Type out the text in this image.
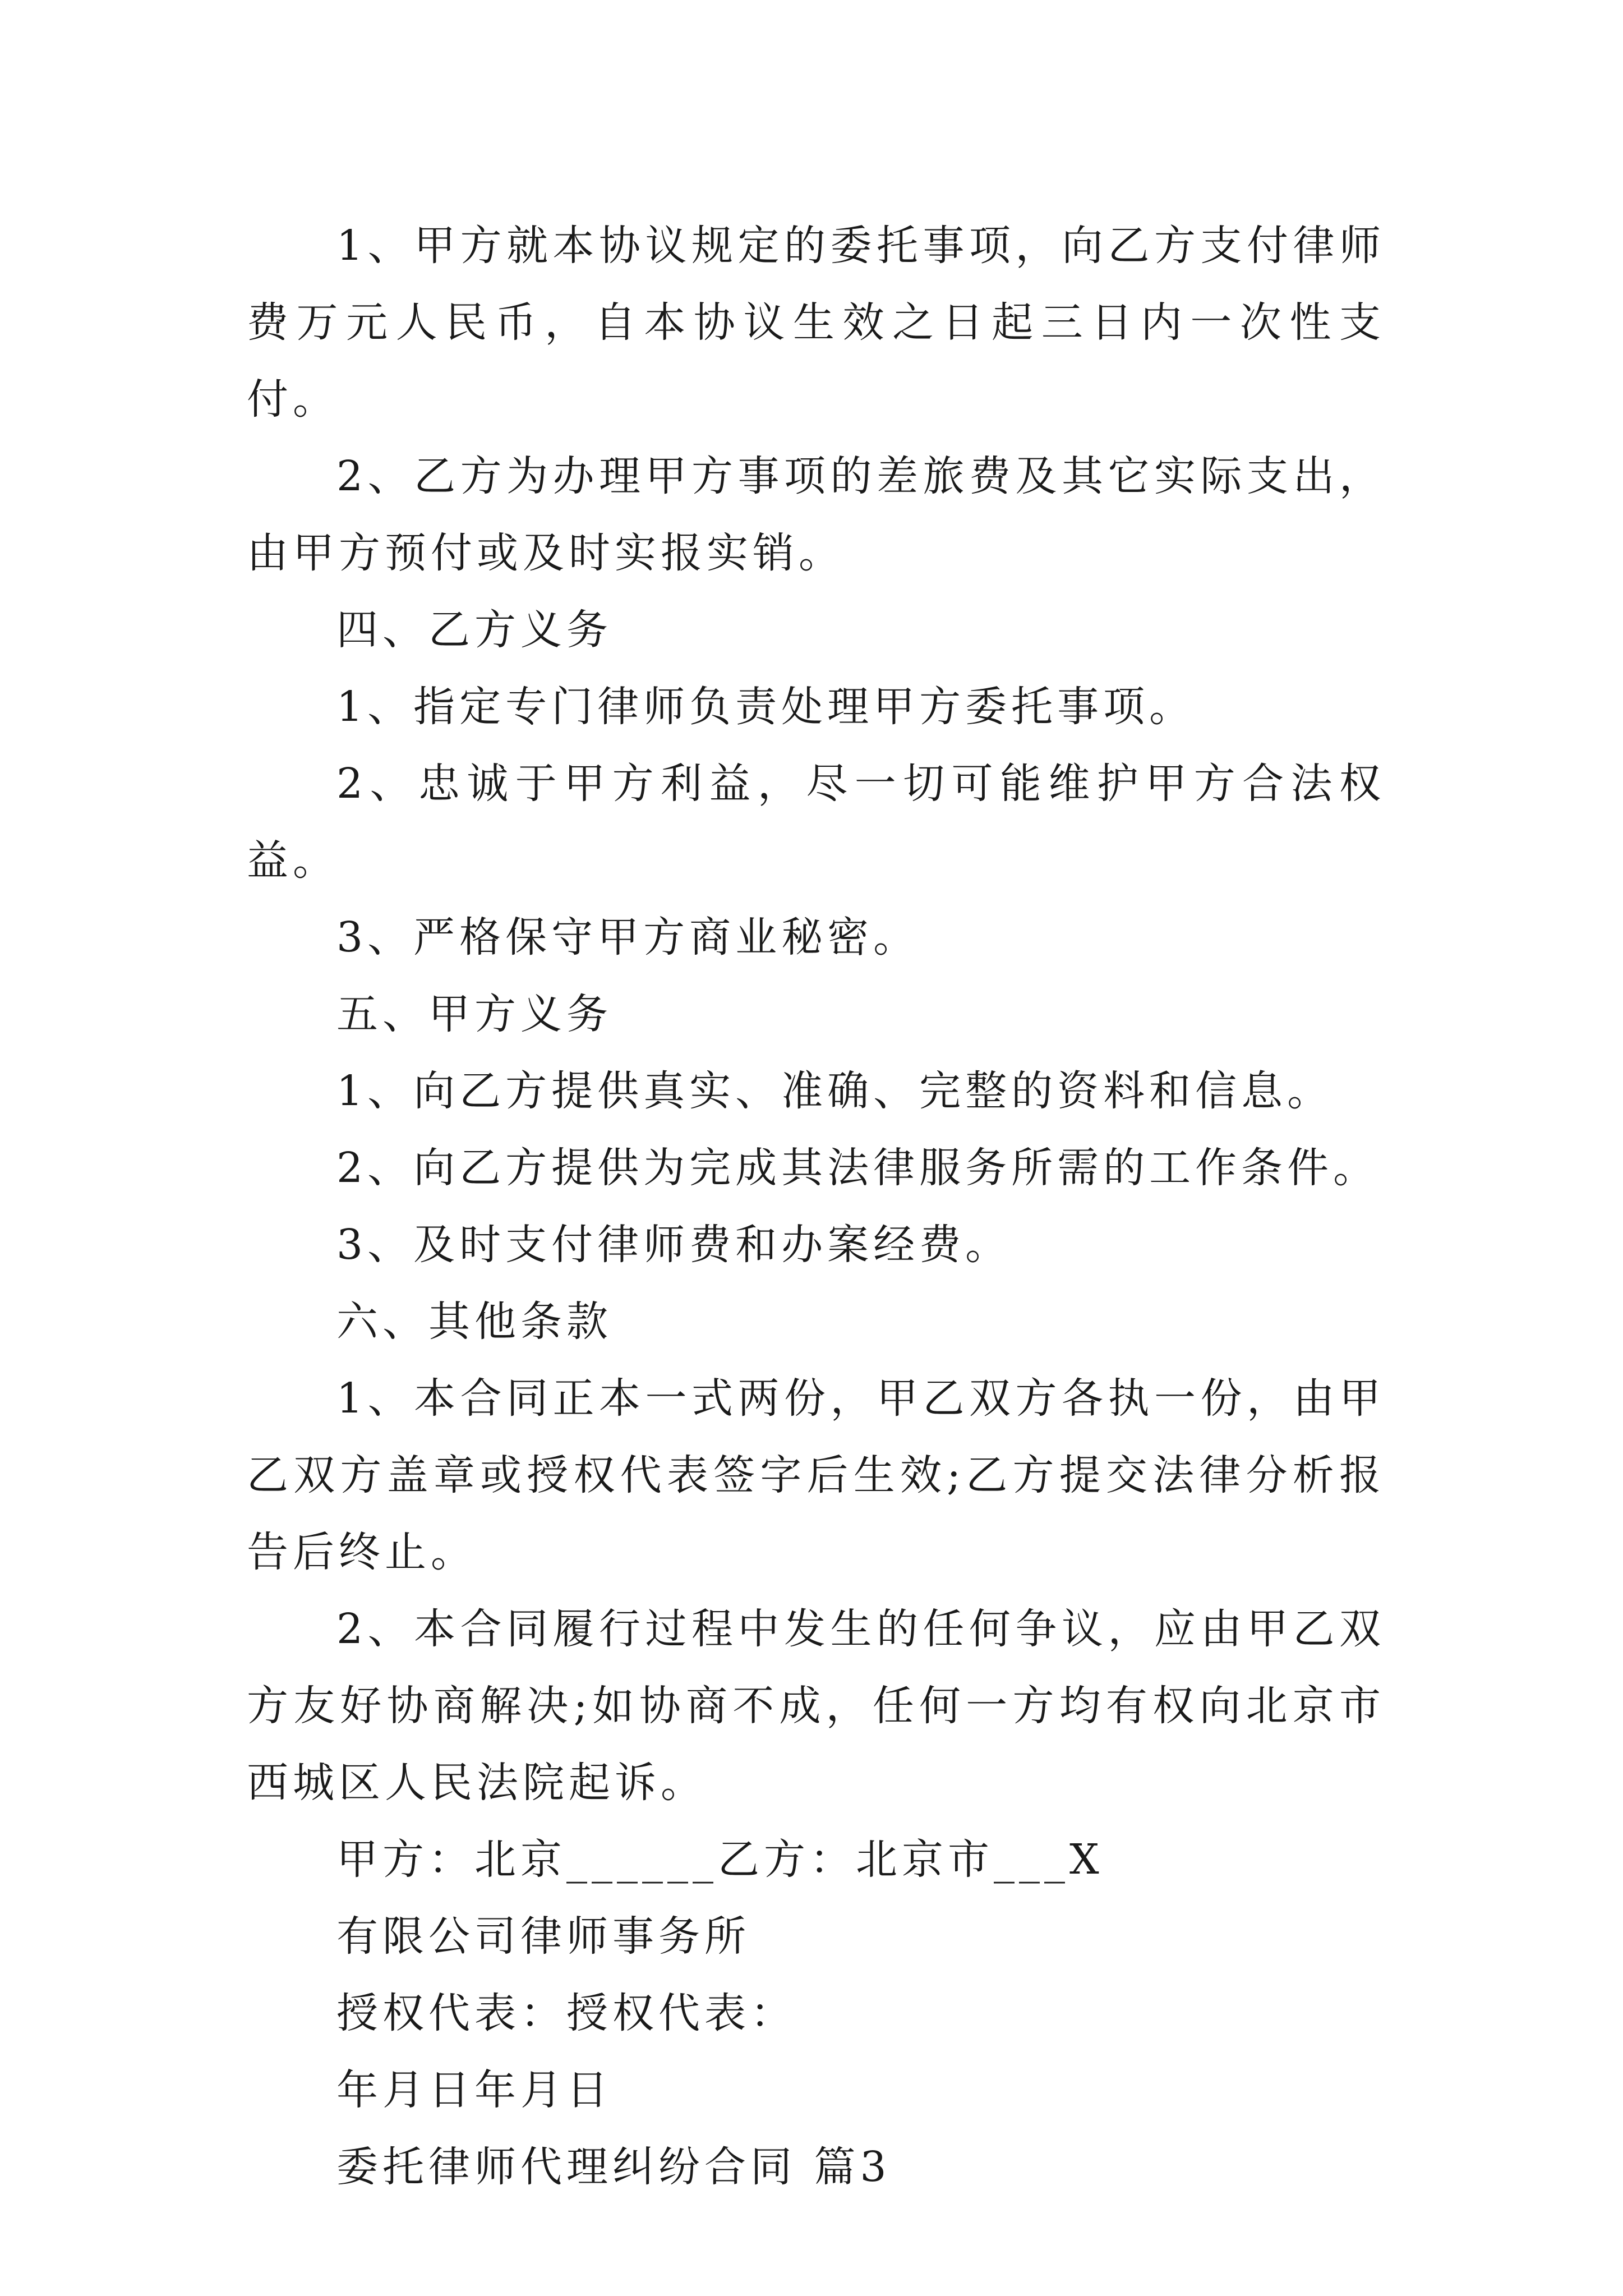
1、甲方就本协议规定的委托事项，向乙方支付律师费万元人民币，自本协议生效之日起三日内一次性支付。

2、乙方为办理甲方事项的差旅费及其它实际支出，由甲方预付或及时实报实销。

四、乙方义务

1、指定专门律师负责处理甲方委托事项。

2、忠诚于甲方利益，尽一切可能维护甲方合法权益。

3、严格保守甲方商业秘密。

五、甲方义务

1、向乙方提供真实、准确、完整的资料和信息。

2、向乙方提供为完成其法律服务所需的工作条件。

3、及时支付律师费和办案经费。

六、其他条款

1、本合同正本一式两份，甲乙双方各执一份，由甲乙双方盖章或授权代表签字后生效;乙方提交法律分析报告后终止。

2、本合同履行过程中发生的任何争议，应由甲乙双方友好协商解决;如协商不成，任何一方均有权向北京市西城区人民法院起诉。

甲方：北京______乙方：北京市___X

有限公司律师事务所

授权代表：授权代表：

年月日年月日

委托律师代理纠纷合同 篇3
